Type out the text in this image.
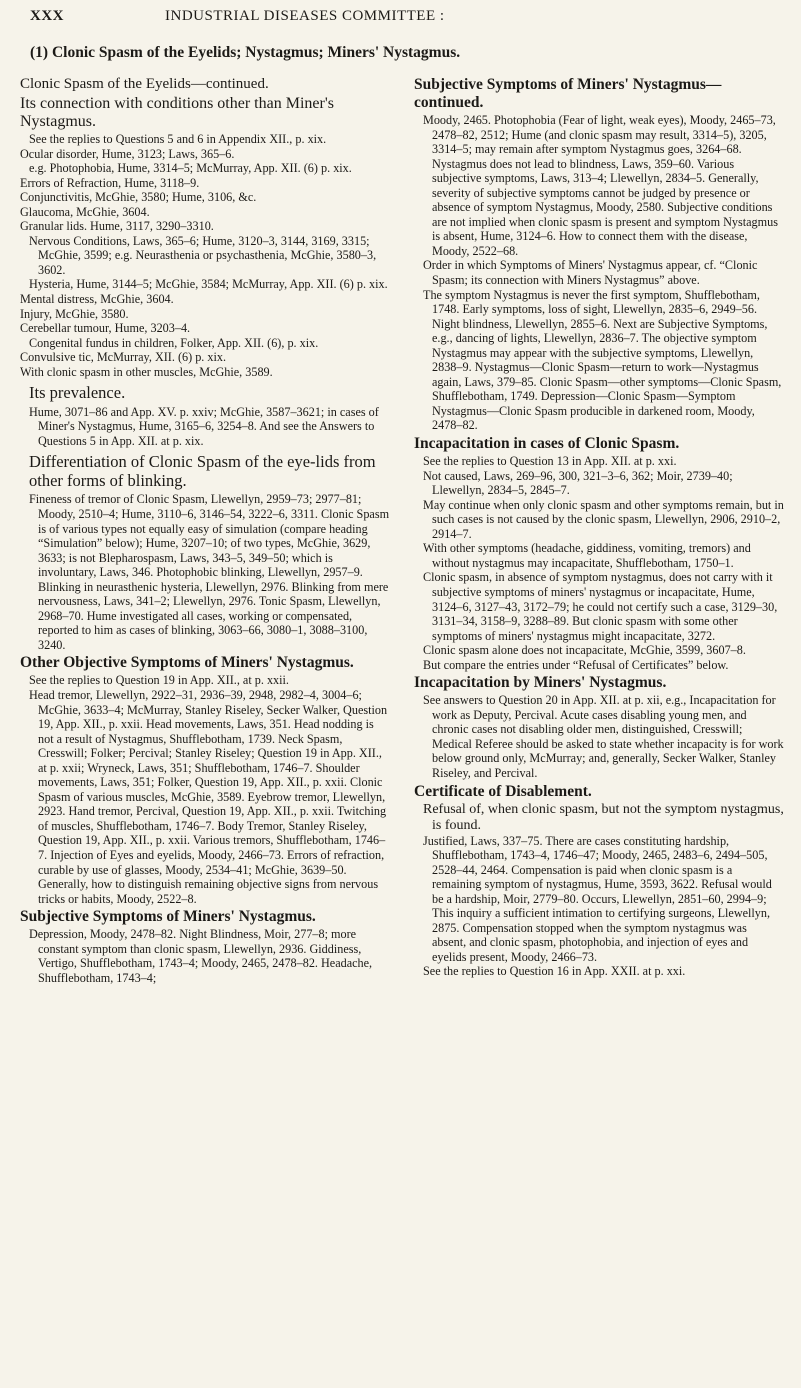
XXX	INDUSTRIAL DISEASES COMMITTEE :
(1) Clonic Spasm of the Eyelids; Nystagmus; Miners' Nystagmus.
Clonic Spasm of the Eyelids—continued.
Its connection with conditions other than Miner's Nystagmus.

See the replies to Questions 5 and 6 in Appendix XII., p. xix.

Ocular disorder, Hume, 3123; Laws, 365–6.

e.g. Photophobia, Hume, 3314–5; McMurray, App. XII. (6) p. xix.

Errors of Refraction, Hume, 3118–9.

Conjunctivitis, McGhie, 3580; Hume, 3106, &c.

Glaucoma, McGhie, 3604.

Granular lids. Hume, 3117, 3290–3310.

Nervous Conditions, Laws, 365–6; Hume, 3120–3, 3144, 3169, 3315; McGhie, 3599; e.g. Neurasthenia or psychasthenia, McGhie, 3580–3, 3602.

Hysteria, Hume, 3144–5; McGhie, 3584; McMurray, App. XII. (6) p. xix.

Mental distress, McGhie, 3604.

Injury, McGhie, 3580.

Cerebellar tumour, Hume, 3203–4.

Congenital fundus in children, Folker, App. XII. (6), p. xix.

Convulsive tic, McMurray, XII. (6) p. xix.

With clonic spasm in other muscles, McGhie, 3589.

Its prevalence.

Hume, 3071–86 and App. XV. p. xxiv; McGhie, 3587–3621; in cases of Miner's Nystagmus, Hume, 3165–6, 3254–8. And see the Answers to Questions 5 in App. XII. at p. xix.

Differentiation of Clonic Spasm of the eye-lids from other forms of blinking.

Fineness of tremor of Clonic Spasm, Llewellyn, 2959–73; 2977–81; Moody, 2510–4; Hume, 3110–6, 3146–54, 3222–6, 3311. Clonic Spasm is of various types not equally easy of simulation (compare heading “Simulation” below); Hume, 3207–10; of two types, McGhie, 3629, 3633; is not Blepharospasm, Laws, 343–5, 349–50; which is involuntary, Laws, 346. Photophobic blinking, Llewellyn, 2957–9. Blinking in neurasthenic hysteria, Llewellyn, 2976. Blinking from mere nervousness, Laws, 341–2; Llewellyn, 2976. Tonic Spasm, Llewellyn, 2968–70. Hume investigated all cases, working or compensated, reported to him as cases of blinking, 3063–66, 3080–1, 3088–3100, 3240.

Other Objective Symptoms of Miners' Nystagmus.

See the replies to Question 19 in App. XII., at p. xxii.

Head tremor, Llewellyn, 2922–31, 2936–39, 2948, 2982–4, 3004–6; McGhie, 3633–4; McMurray, Stanley Riseley, Secker Walker, Question 19, App. XII., p. xxii. Head movements, Laws, 351. Head nodding is not a result of Nystagmus, Shufflebotham, 1739. Neck Spasm, Cresswill; Folker; Percival; Stanley Riseley; Question 19 in App. XII., at p. xxii; Wryneck, Laws, 351; Shufflebotham, 1746–7. Shoulder movements, Laws, 351; Folker, Question 19, App. XII., p. xxii. Clonic Spasm of various muscles, McGhie, 3589. Eyebrow tremor, Llewellyn, 2923. Hand tremor, Percival, Question 19, App. XII., p. xxii. Twitching of muscles, Shufflebotham, 1746–7. Body Tremor, Stanley Riseley, Question 19, App. XII., p. xxii. Various tremors, Shufflebotham, 1746–7. Injection of Eyes and eyelids, Moody, 2466–73. Errors of refraction, curable by use of glasses, Moody, 2534–41; McGhie, 3639–50. Generally, how to distinguish remaining objective signs from nervous tricks or habits, Moody, 2522–8.

Subjective Symptoms of Miners' Nystagmus.

Depression, Moody, 2478–82. Night Blindness, Moir, 277–8; more constant symptom than clonic spasm, Llewellyn, 2936. Giddiness, Vertigo, Shufflebotham, 1743–4; Moody, 2465, 2478–82. Headache, Shufflebotham, 1743–4;

Subjective Symptoms of Miners' Nystagmus—continued.

Moody, 2465. Photophobia (Fear of light, weak eyes), Moody, 2465–73, 2478–82, 2512; Hume (and clonic spasm may result, 3314–5), 3205, 3314–5; may remain after symptom Nystagmus goes, 3264–68. Nystagmus does not lead to blindness, Laws, 359–60. Various subjective symptoms, Laws, 313–4; Llewellyn, 2834–5. Generally, severity of subjective symptoms cannot be judged by presence or absence of symptom Nystagmus, Moody, 2580. Subjective conditions are not implied when clonic spasm is present and symptom Nystagmus is absent, Hume, 3124–6. How to connect them with the disease, Moody, 2522–68.

Order in which Symptoms of Miners' Nystagmus appear, cf. “Clonic Spasm; its connection with Miners Nystagmus” above.

The symptom Nystagmus is never the first symptom, Shufflebotham, 1748. Early symptoms, loss of sight, Llewellyn, 2835–6, 2949–56. Night blindness, Llewellyn, 2855–6. Next are Subjective Symptoms, e.g., dancing of lights, Llewellyn, 2836–7. The objective symptom Nystagmus may appear with the subjective symptoms, Llewellyn, 2838–9. Nystagmus—Clonic Spasm—return to work—Nystagmus again, Laws, 379–85. Clonic Spasm—other symptoms—Clonic Spasm, Shufflebotham, 1749. Depression—Clonic Spasm—Symptom Nystagmus—Clonic Spasm producible in darkened room, Moody, 2478–82.

Incapacitation in cases of Clonic Spasm.

See the replies to Question 13 in App. XII. at p. xxi.

Not caused, Laws, 269–96, 300, 321–3–6, 362; Moir, 2739–40; Llewellyn, 2834–5, 2845–7.

May continue when only clonic spasm and other symptoms remain, but in such cases is not caused by the clonic spasm, Llewellyn, 2906, 2910–2, 2914–7.

With other symptoms (headache, giddiness, vomiting, tremors) and without nystagmus may incapacitate, Shufflebotham, 1750–1.

Clonic spasm, in absence of symptom nystagmus, does not carry with it subjective symptoms of miners' nystagmus or incapacitate, Hume, 3124–6, 3127–43, 3172–79; he could not certify such a case, 3129–30, 3131–34, 3158–9, 3288–89. But clonic spasm with some other symptoms of miners' nystagmus might incapacitate, 3272.

Clonic spasm alone does not incapacitate, McGhie, 3599, 3607–8.

But compare the entries under “Refusal of Certificates” below.

Incapacitation by Miners' Nystagmus.

See answers to Question 20 in App. XII. at p. xii, e.g., Incapacitation for work as Deputy, Percival. Acute cases disabling young men, and chronic cases not disabling older men, distinguished, Cresswill; Medical Referee should be asked to state whether incapacity is for work below ground only, McMurray; and, generally, Secker Walker, Stanley Riseley, and Percival.

Certificate of Disablement.

Refusal of, when clonic spasm, but not the symptom nystagmus, is found.

Justified, Laws, 337–75. There are cases constituting hardship, Shufflebotham, 1743–4, 1746–47; Moody, 2465, 2483–6, 2494–505, 2528–44, 2464. Compensation is paid when clonic spasm is a remaining symptom of nystagmus, Hume, 3593, 3622. Refusal would be a hardship, Moir, 2779–80. Occurs, Llewellyn, 2851–60, 2994–9; This inquiry a sufficient intimation to certifying surgeons, Llewellyn, 2875. Compensation stopped when the symptom nystagmus was absent, and clonic spasm, photophobia, and injection of eyes and eyelids present, Moody, 2466–73.

See the replies to Question 16 in App. XXII. at p. xxi.
